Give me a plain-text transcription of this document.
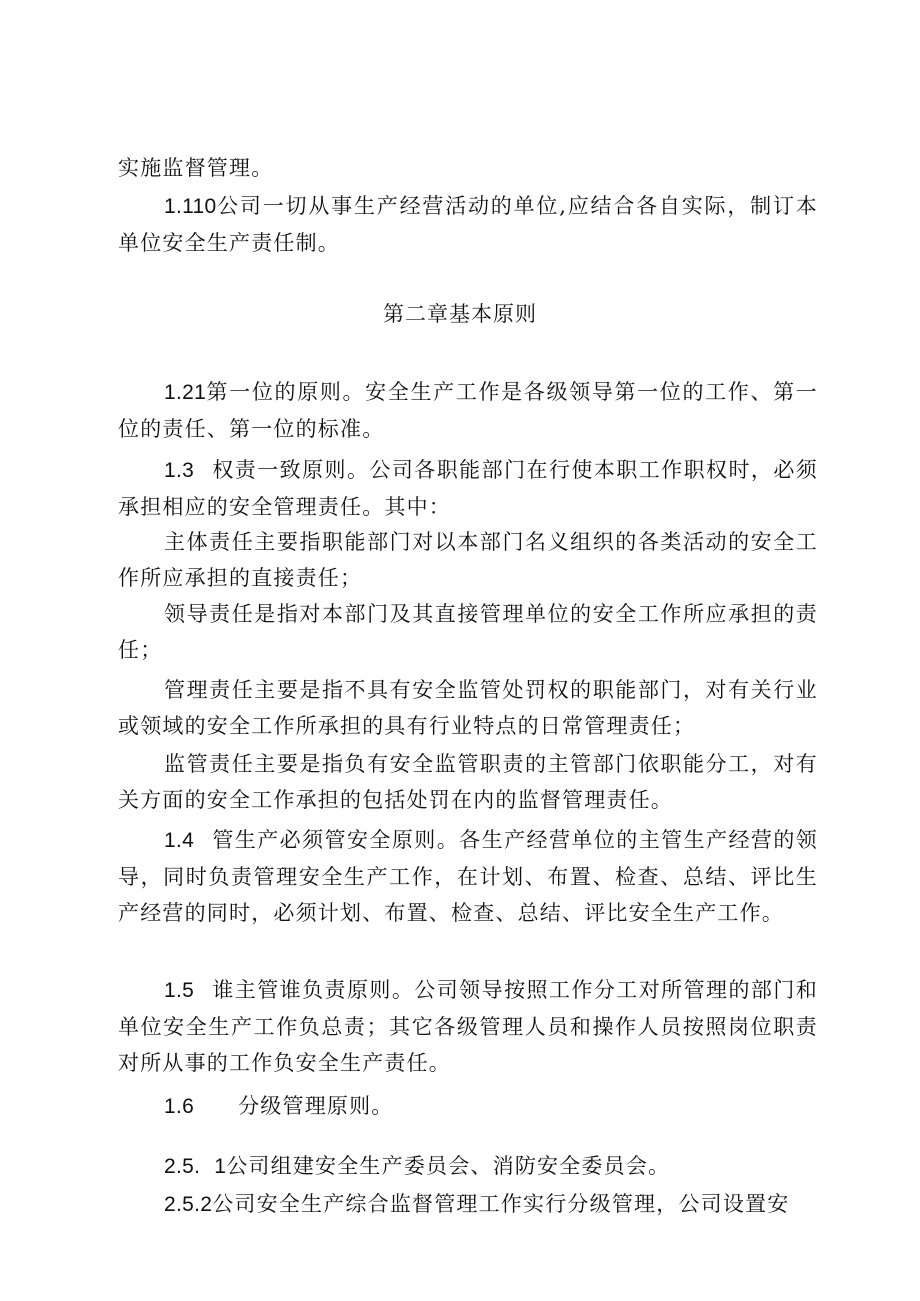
实施监督管理。

1.110公司一切从事生产经营活动的单位,应结合各自实际，制订本单位安全生产责任制。

第二章基本原则

1.21第一位的原则。安全生产工作是各级领导第一位的工作、第一位的责任、第一位的标准。

1.3 权责一致原则。公司各职能部门在行使本职工作职权时，必须承担相应的安全管理责任。其中：

主体责任主要指职能部门对以本部门名义组织的各类活动的安全工作所应承担的直接责任；

领导责任是指对本部门及其直接管理单位的安全工作所应承担的责任；

管理责任主要是指不具有安全监管处罚权的职能部门，对有关行业或领域的安全工作所承担的具有行业特点的日常管理责任；

监管责任主要是指负有安全监管职责的主管部门依职能分工，对有关方面的安全工作承担的包括处罚在内的监督管理责任。

1.4 管生产必须管安全原则。各生产经营单位的主管生产经营的领导，同时负责管理安全生产工作，在计划、布置、检查、总结、评比生产经营的同时，必须计划、布置、检查、总结、评比安全生产工作。

1.5 谁主管谁负责原则。公司领导按照工作分工对所管理的部门和单位安全生产工作负总责；其它各级管理人员和操作人员按照岗位职责对所从事的工作负安全生产责任。

1.6 分级管理原则。

2.5. 1公司组建安全生产委员会、消防安全委员会。

2.5.2公司安全生产综合监督管理工作实行分级管理，公司设置安
